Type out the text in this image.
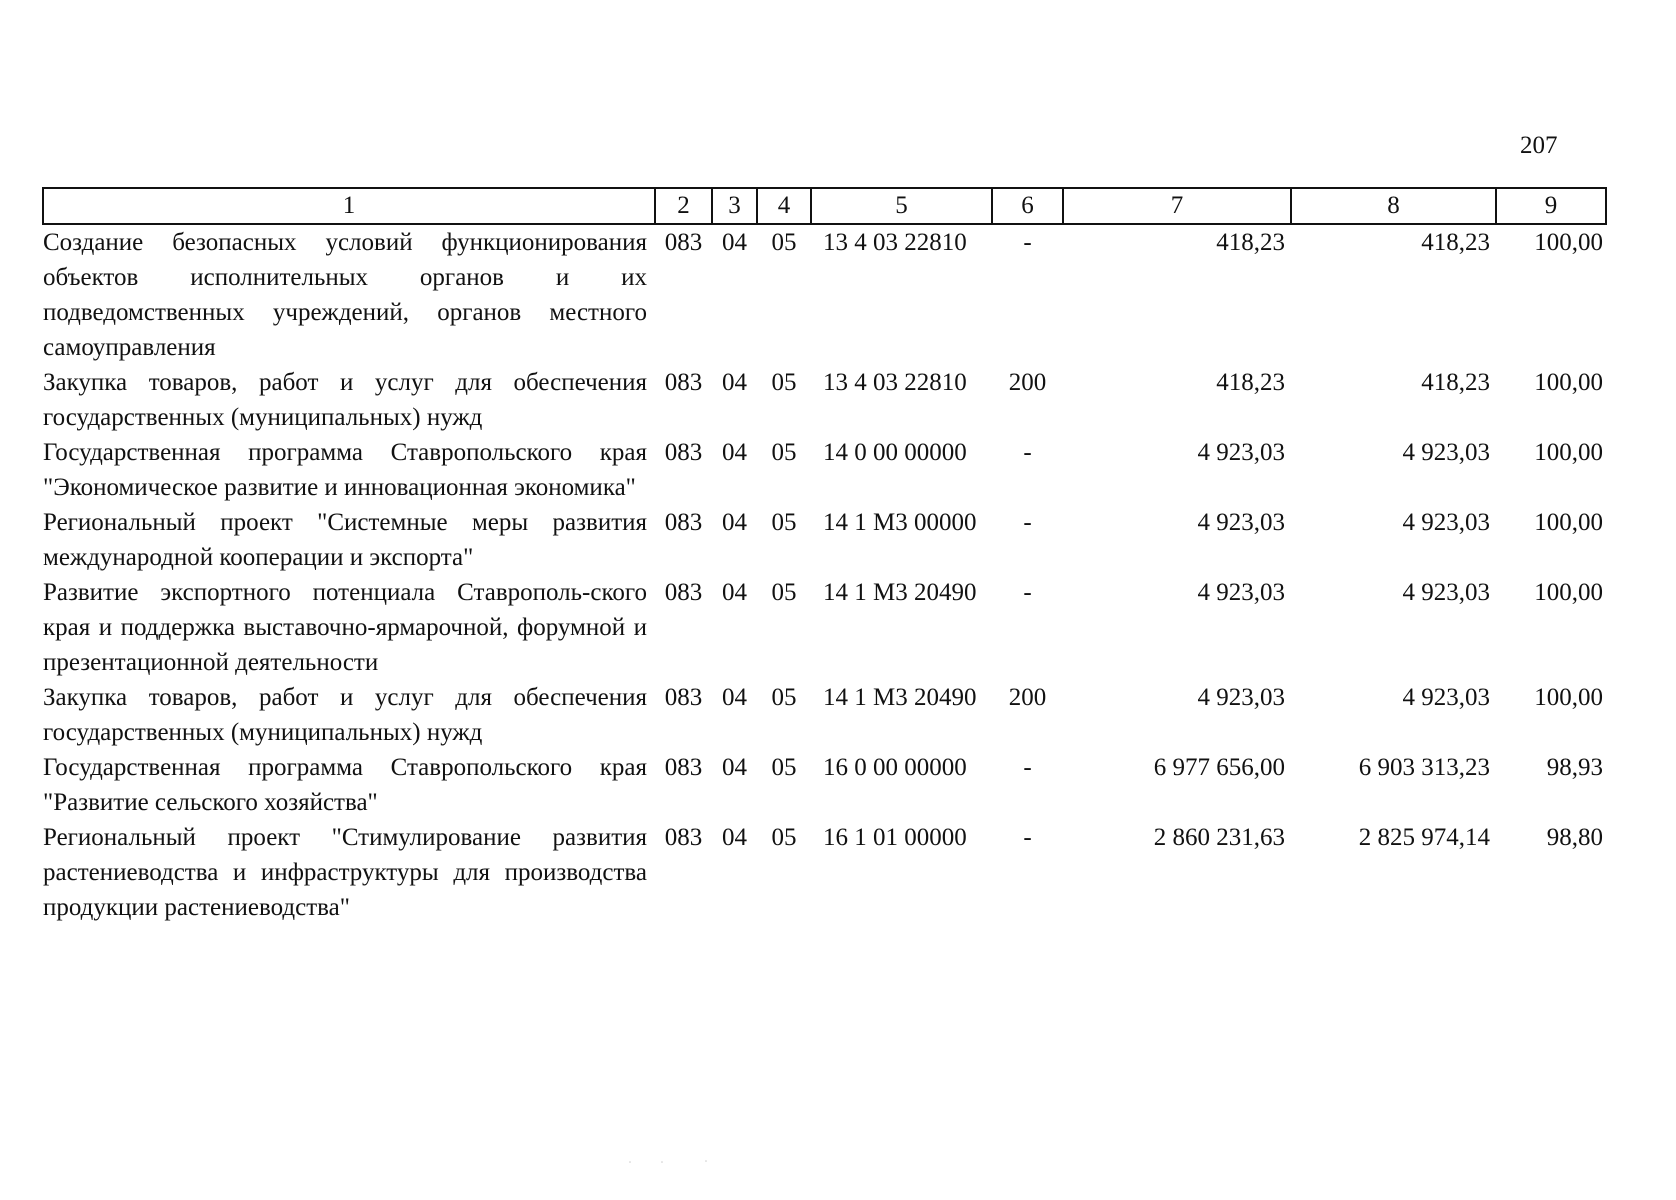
207
1	2	3	4	5	6	7	8	9
Создание безопасных условий функционирования объектов исполнительных органов и их подведомственных учреждений, органов местного самоуправления	083	04	05	13 4 03 22810	-	418,23	418,23	100,00
Закупка товаров, работ и услуг для обеспечения государственных (муниципальных) нужд	083	04	05	13 4 03 22810	200	418,23	418,23	100,00
Государственная программа Ставропольского края "Экономическое развитие и инновационная экономика"	083	04	05	14 0 00 00000	-	4 923,03	4 923,03	100,00
Региональный проект "Системные меры развития международной кооперации и экспорта"	083	04	05	14 1 М3 00000	-	4 923,03	4 923,03	100,00
Развитие экспортного потенциала Ставрополь-ского края и поддержка выставочно-ярмарочной, форумной и презентационной деятельности	083	04	05	14 1 М3 20490	-	4 923,03	4 923,03	100,00
Закупка товаров, работ и услуг для обеспечения государственных (муниципальных) нужд	083	04	05	14 1 М3 20490	200	4 923,03	4 923,03	100,00
Государственная программа Ставропольского края "Развитие сельского хозяйства"	083	04	05	16 0 00 00000	-	6 977 656,00	6 903 313,23	98,93
Региональный проект "Стимулирование развития растениеводства и инфраструктуры для производства продукции растениеводства"	083	04	05	16 1 01 00000	-	2 860 231,63	2 825 974,14	98,80
